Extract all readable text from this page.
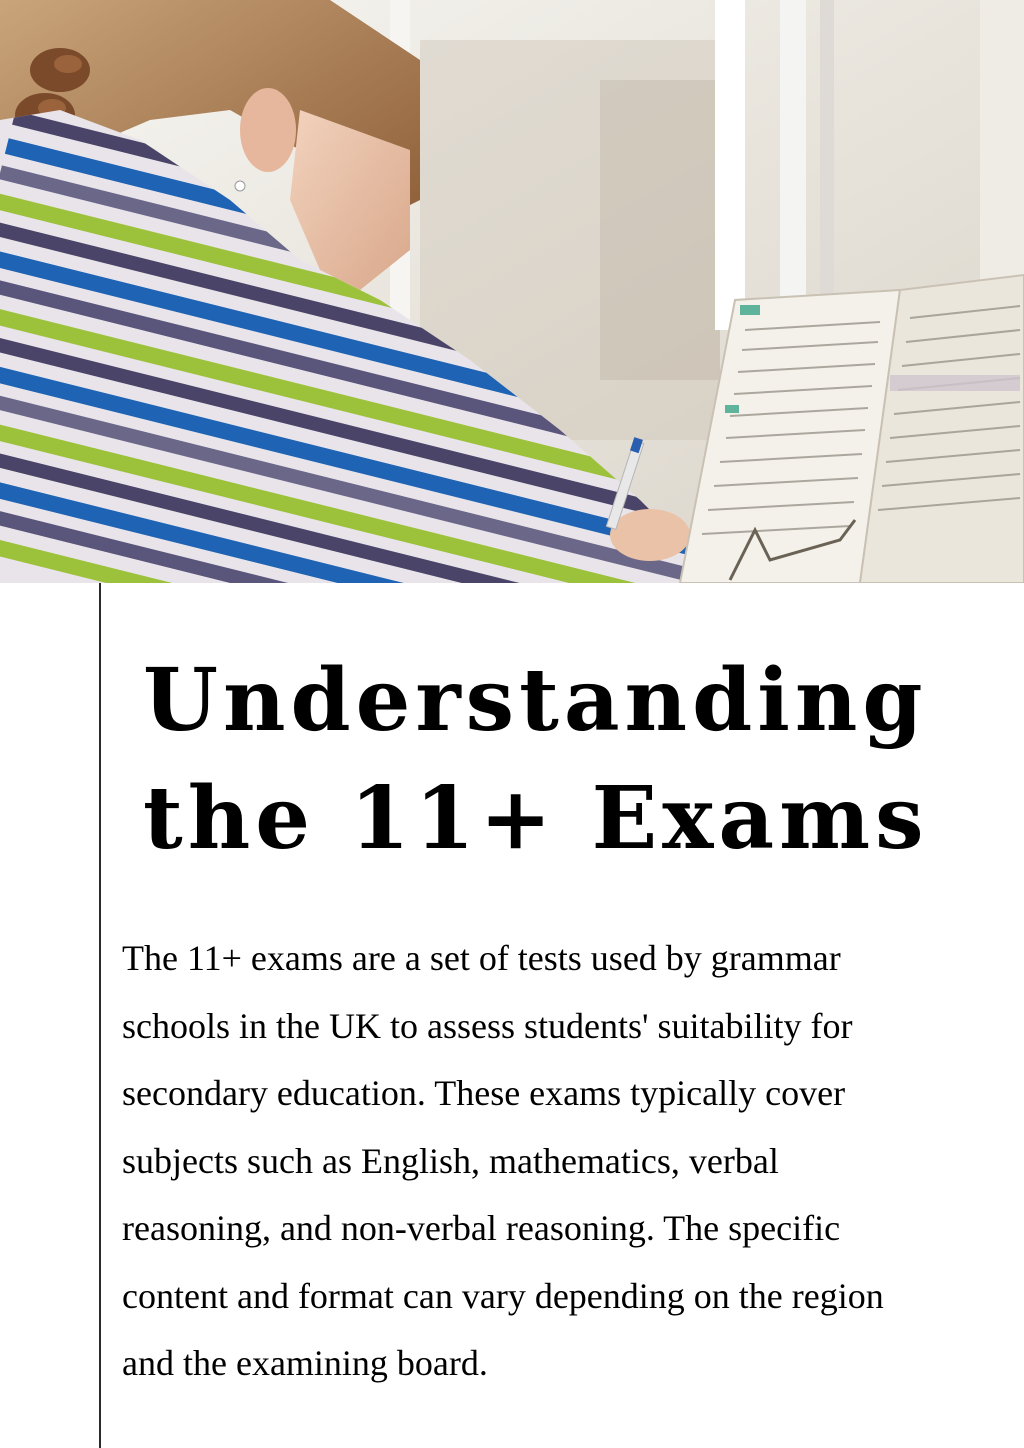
Understanding
the 11+ Exams

The 11+ exams are a set of tests used by grammar
schools in the UK to assess students' suitability for
secondary education. These exams typically cover
subjects such as English, mathematics, verbal
reasoning, and non-verbal reasoning. The specific
content and format can vary depending on the region
and the examining board.
